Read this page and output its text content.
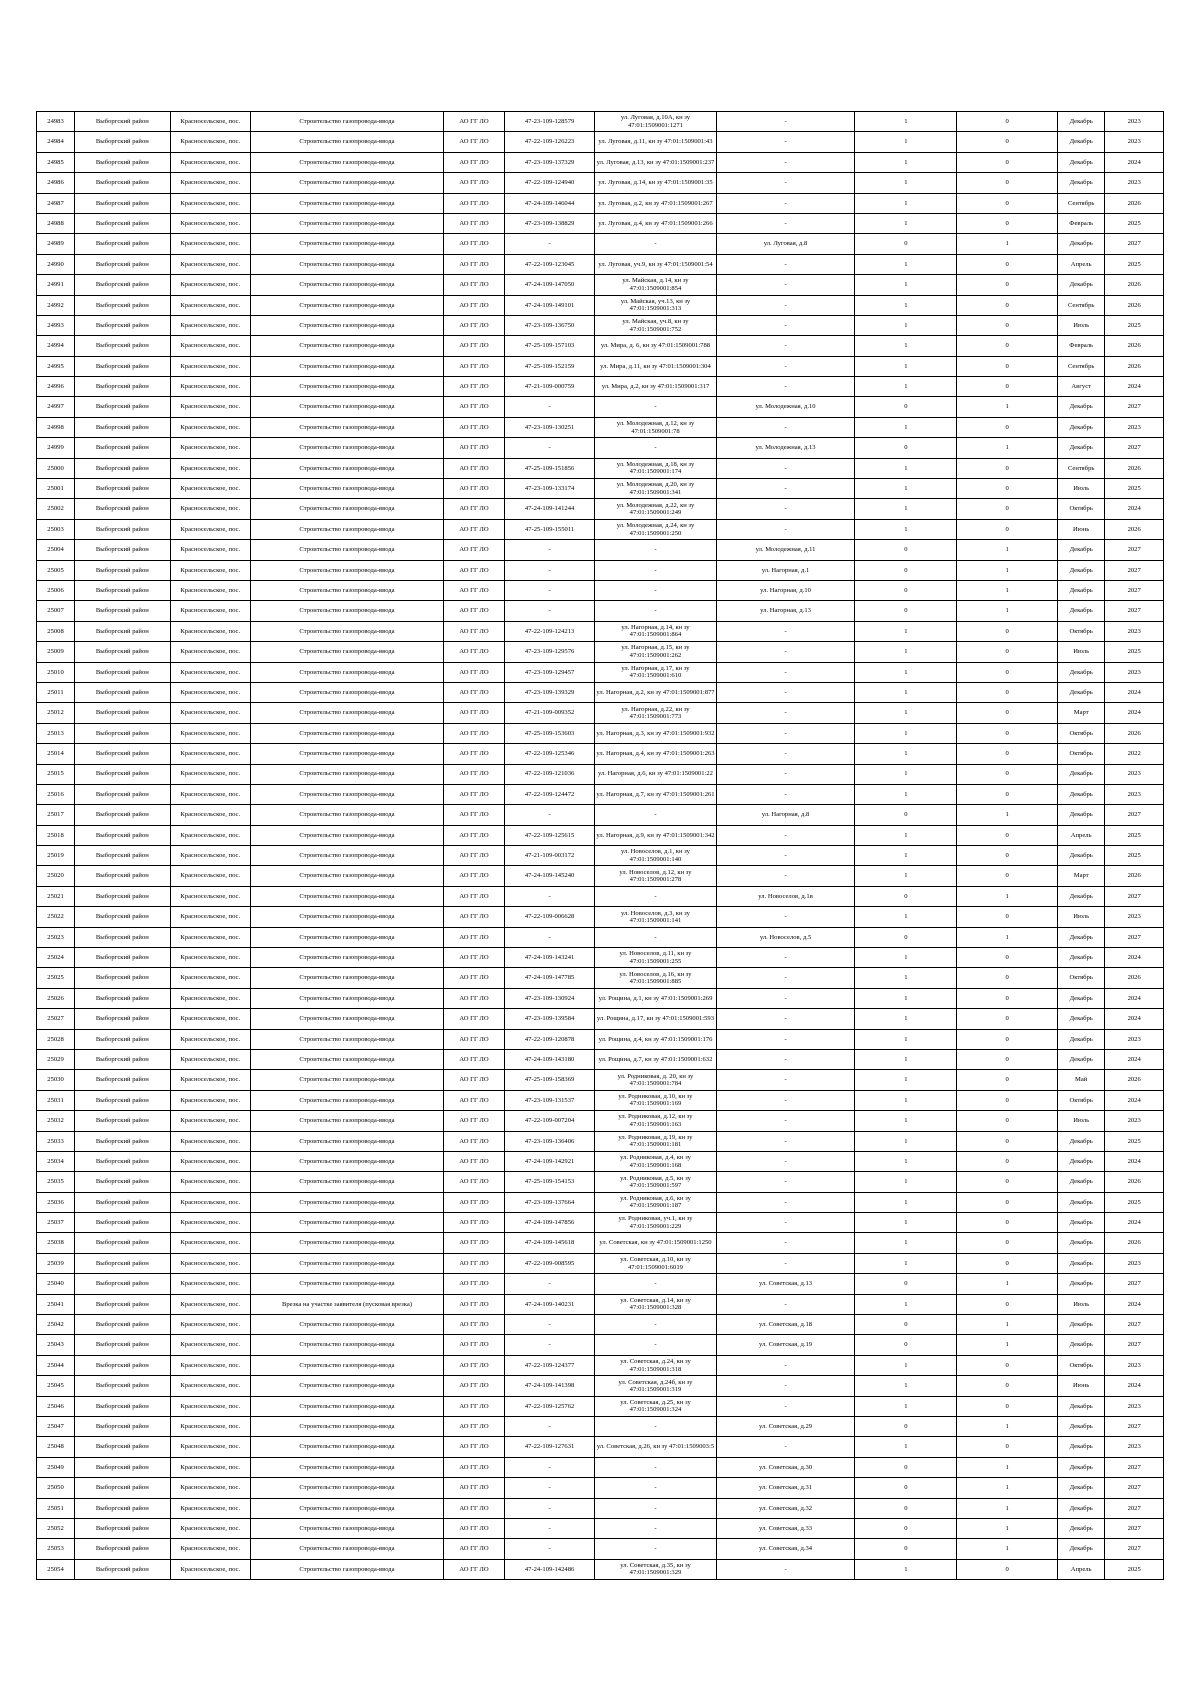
24983	Выборгский район	Красносельское, пос.	Строительство газопровода-ввода	АО ГГ ЛО	47-23-109-128579	ул. Луговая, д.10А, кн зу 47:01:1509001:1271	-	1	0	Декабрь	2023
24984	Выборгский район	Красносельское, пос.	Строительство газопровода-ввода	АО ГГ ЛО	47-22-109-126223	ул. Луговая, д.11, кн зу 47:01:1509001:43	-	1	0	Декабрь	2023
24985	Выборгский район	Красносельское, пос.	Строительство газопровода-ввода	АО ГГ ЛО	47-23-109-137329	ул. Луговая, д.13, кн зу 47:01:1509001:237	-	1	0	Декабрь	2024
24986	Выборгский район	Красносельское, пос.	Строительство газопровода-ввода	АО ГГ ЛО	47-22-109-124940	ул. Луговая, д.14, кн зу 47:01:1509001:35	-	1	0	Декабрь	2023
24987	Выборгский район	Красносельское, пос.	Строительство газопровода-ввода	АО ГГ ЛО	47-24-109-146044	ул. Луговая, д.2, кн зу 47:01:1509001:267	-	1	0	Сентябрь	2026
24988	Выборгский район	Красносельское, пос.	Строительство газопровода-ввода	АО ГГ ЛО	47-23-109-138829	ул. Луговая, д.4, кн зу 47:01:1509001:266	-	1	0	Февраль	2025
24989	Выборгский район	Красносельское, пос.	Строительство газопровода-ввода	АО ГГ ЛО	-	-	ул. Луговая, д.8	0	1	Декабрь	2027
24990	Выборгский район	Красносельское, пос.	Строительство газопровода-ввода	АО ГГ ЛО	47-22-109-123045	ул. Луговая, уч.9, кн зу 47:01:1509001:54	-	1	0	Апрель	2025
24991	Выборгский район	Красносельское, пос.	Строительство газопровода-ввода	АО ГГ ЛО	47-24-109-147050	ул. Майская, д.14, кн зу 47:01:1509001:854	-	1	0	Декабрь	2026
24992	Выборгский район	Красносельское, пос.	Строительство газопровода-ввода	АО ГГ ЛО	47-24-109-149101	ул. Майская, уч.13, кн зу 47:01:1509001:313	-	1	0	Сентябрь	2026
24993	Выборгский район	Красносельское, пос.	Строительство газопровода-ввода	АО ГГ ЛО	47-23-109-136750	ул. Майская, уч.8, кн зу 47:01:1509001:752	-	1	0	Июль	2025
24994	Выборгский район	Красносельское, пос.	Строительство газопровода-ввода	АО ГГ ЛО	47-25-109-157103	ул. Мира, д. 6, кн зу 47:01:1509001:788	-	1	0	Февраль	2026
24995	Выборгский район	Красносельское, пос.	Строительство газопровода-ввода	АО ГГ ЛО	47-25-109-152159	ул. Мира, д.11, кн зу 47:01:1509001:304	-	1	0	Сентябрь	2026
24996	Выборгский район	Красносельское, пос.	Строительство газопровода-ввода	АО ГГ ЛО	47-21-109-000759	ул. Мира, д.2, кн зу 47:01:1509001:317	-	1	0	Август	2024
24997	Выборгский район	Красносельское, пос.	Строительство газопровода-ввода	АО ГГ ЛО	-	-	ул. Молодежная, д.10	0	1	Декабрь	2027
24998	Выборгский район	Красносельское, пос.	Строительство газопровода-ввода	АО ГГ ЛО	47-23-109-130251	ул. Молодежная, д.12, кн зу 47:01:1509001:78	-	1	0	Декабрь	2023
24999	Выборгский район	Красносельское, пос.	Строительство газопровода-ввода	АО ГГ ЛО	-	-	ул. Молодежная, д.13	0	1	Декабрь	2027
25000	Выборгский район	Красносельское, пос.	Строительство газопровода-ввода	АО ГГ ЛО	47-25-109-151856	ул. Молодежная, д.18, кн зу 47:01:1509001:174	-	1	0	Сентябрь	2026
25001	Выборгский район	Красносельское, пос.	Строительство газопровода-ввода	АО ГГ ЛО	47-23-109-133174	ул. Молодежная, д.20, кн зу 47:01:1509001:341	-	1	0	Июль	2025
25002	Выборгский район	Красносельское, пос.	Строительство газопровода-ввода	АО ГГ ЛО	47-24-109-141244	ул. Молодежная, д.22, кн зу 47:01:1509001:249	-	1	0	Октябрь	2024
25003	Выборгский район	Красносельское, пос.	Строительство газопровода-ввода	АО ГГ ЛО	47-25-109-155011	ул. Молодежная, д.24, кн зу 47:01:1509001:250	-	1	0	Июнь	2026
25004	Выборгский район	Красносельское, пос.	Строительство газопровода-ввода	АО ГГ ЛО	-	-	ул. Молодежная, д.11	0	1	Декабрь	2027
25005	Выборгский район	Красносельское, пос.	Строительство газопровода-ввода	АО ГГ ЛО	-	-	ул. Нагорная, д.1	0	1	Декабрь	2027
25006	Выборгский район	Красносельское, пос.	Строительство газопровода-ввода	АО ГГ ЛО	-	-	ул. Нагорная, д.10	0	1	Декабрь	2027
25007	Выборгский район	Красносельское, пос.	Строительство газопровода-ввода	АО ГГ ЛО	-	-	ул. Нагорная, д.13	0	1	Декабрь	2027
25008	Выборгский район	Красносельское, пос.	Строительство газопровода-ввода	АО ГГ ЛО	47-22-109-124213	ул. Нагорная, д.14, кн зу 47:01:1509001:864	-	1	0	Октябрь	2023
25009	Выборгский район	Красносельское, пос.	Строительство газопровода-ввода	АО ГГ ЛО	47-23-109-129576	ул. Нагорная, д.15, кн зу 47:01:1509001:262	-	1	0	Июль	2025
25010	Выборгский район	Красносельское, пос.	Строительство газопровода-ввода	АО ГГ ЛО	47-23-109-129457	ул. Нагорная, д.17, кн зу 47:01:1509001:610	-	1	0	Декабрь	2023
25011	Выборгский район	Красносельское, пос.	Строительство газопровода-ввода	АО ГГ ЛО	47-23-109-139329	ул. Нагорная, д.2, кн зу 47:01:1509001:877	-	1	0	Декабрь	2024
25012	Выборгский район	Красносельское, пос.	Строительство газопровода-ввода	АО ГГ ЛО	47-21-109-009352	ул. Нагорная, д.22, кн зу 47:01:1509001:773	-	1	0	Март	2024
25013	Выборгский район	Красносельское, пос.	Строительство газопровода-ввода	АО ГГ ЛО	47-25-109-153603	ул. Нагорная, д.3, кн зу 47:01:1509001:932	-	1	0	Октябрь	2026
25014	Выборгский район	Красносельское, пос.	Строительство газопровода-ввода	АО ГГ ЛО	47-22-109-125346	ул. Нагорная, д.4, кн зу 47:01:1509001:263	-	1	0	Октябрь	2022
25015	Выборгский район	Красносельское, пос.	Строительство газопровода-ввода	АО ГГ ЛО	47-22-109-121036	ул. Нагорная, д.6, кн зу 47:01:1509001:22	-	1	0	Декабрь	2023
25016	Выборгский район	Красносельское, пос.	Строительство газопровода-ввода	АО ГГ ЛО	47-22-109-124472	ул. Нагорная, д.7, кн зу 47:01:1509001:261	-	1	0	Декабрь	2023
25017	Выборгский район	Красносельское, пос.	Строительство газопровода-ввода	АО ГГ ЛО	-	-	ул. Нагорная, д.8	0	1	Декабрь	2027
25018	Выборгский район	Красносельское, пос.	Строительство газопровода-ввода	АО ГГ ЛО	47-22-109-125615	ул. Нагорная, д.9, кн зу 47:01:1509001:342	-	1	0	Апрель	2025
25019	Выборгский район	Красносельское, пос.	Строительство газопровода-ввода	АО ГГ ЛО	47-21-109-003172	ул. Новоселов, д.1, кн зу 47:01:1509001:140	-	1	0	Декабрь	2025
25020	Выборгский район	Красносельское, пос.	Строительство газопровода-ввода	АО ГГ ЛО	47-24-109-145240	ул. Новоселов, д.12, кн зу 47:01:1509001:278	-	1	0	Март	2026
25021	Выборгский район	Красносельское, пос.	Строительство газопровода-ввода	АО ГГ ЛО	-	-	ул. Новоселов, д.1в	0	1	Декабрь	2027
25022	Выборгский район	Красносельское, пос.	Строительство газопровода-ввода	АО ГГ ЛО	47-22-109-006628	ул. Новоселов, д.3, кн зу 47:01:1509001:141	-	1	0	Июль	2023
25023	Выборгский район	Красносельское, пос.	Строительство газопровода-ввода	АО ГГ ЛО	-	-	ул. Новоселов, д.5	0	1	Декабрь	2027
25024	Выборгский район	Красносельское, пос.	Строительство газопровода-ввода	АО ГГ ЛО	47-24-109-143241	ул. Новоселов, д.11, кн зу 47:01:1509001:255	-	1	0	Декабрь	2024
25025	Выборгский район	Красносельское, пос.	Строительство газопровода-ввода	АО ГГ ЛО	47-24-109-147785	ул. Новоселов, д.16, кн зу 47:01:1509001:885	-	1	0	Октябрь	2026
25026	Выборгский район	Красносельское, пос.	Строительство газопровода-ввода	АО ГГ ЛО	47-23-109-130924	ул. Рощина, д.1, кн зу 47:01:1509001:269	-	1	0	Декабрь	2024
25027	Выборгский район	Красносельское, пос.	Строительство газопровода-ввода	АО ГГ ЛО	47-23-109-139584	ул. Рощина, д.17, кн зу 47:01:1509001:593	-	1	0	Декабрь	2024
25028	Выборгский район	Красносельское, пос.	Строительство газопровода-ввода	АО ГГ ЛО	47-22-109-120878	ул. Рощина, д.4, кн зу 47:01:1509001:176	-	1	0	Декабрь	2023
25029	Выборгский район	Красносельское, пос.	Строительство газопровода-ввода	АО ГГ ЛО	47-24-109-143180	ул. Рощина, д.7, кн зу 47:01:1509001:632	-	1	0	Декабрь	2024
25030	Выборгский район	Красносельское, пос.	Строительство газопровода-ввода	АО ГГ ЛО	47-25-109-158369	ул. Родниковая, д. 20, кн зу 47:01:1509001:784	-	1	0	Май	2026
25031	Выборгский район	Красносельское, пос.	Строительство газопровода-ввода	АО ГГ ЛО	47-23-109-131537	ул. Родниковая, д.10, кн зу 47:01:1509001:169	-	1	0	Октябрь	2024
25032	Выборгский район	Красносельское, пос.	Строительство газопровода-ввода	АО ГГ ЛО	47-22-109-007204	ул. Родниковая, д.12, кн зу 47:01:1509001:163	-	1	0	Июль	2023
25033	Выборгский район	Красносельское, пос.	Строительство газопровода-ввода	АО ГГ ЛО	47-23-109-136406	ул. Родниковая, д.19, кн зу 47:01:1509001:181	-	1	0	Декабрь	2025
25034	Выборгский район	Красносельское, пос.	Строительство газопровода-ввода	АО ГГ ЛО	47-24-109-142921	ул. Родниковая, д.4, кн зу 47:01:1509001:168	-	1	0	Декабрь	2024
25035	Выборгский район	Красносельское, пос.	Строительство газопровода-ввода	АО ГГ ЛО	47-25-109-154153	ул. Родниковая, д.5, кн зу 47:01:1509001:597	-	1	0	Декабрь	2026
25036	Выборгский район	Красносельское, пос.	Строительство газопровода-ввода	АО ГГ ЛО	47-23-109-137664	ул. Родниковая, д.6, кн зу 47:01:1509001:187	-	1	0	Декабрь	2025
25037	Выборгский район	Красносельское, пос.	Строительство газопровода-ввода	АО ГГ ЛО	47-24-109-147856	ул. Родниковая, уч.1, кн зу 47:01:1509001:229	-	1	0	Декабрь	2024
25038	Выборгский район	Красносельское, пос.	Строительство газопровода-ввода	АО ГГ ЛО	47-24-109-145618	ул. Советская, кн зу 47:01:1509001:1250	-	1	0	Декабрь	2026
25039	Выборгский район	Красносельское, пос.	Строительство газопровода-ввода	АО ГГ ЛО	47-22-109-008595	ул. Советская, д.10, кн зу 47:01:1509001:6019	-	1	0	Декабрь	2023
25040	Выборгский район	Красносельское, пос.	Строительство газопровода-ввода	АО ГГ ЛО	-	-	ул. Советская, д.13	0	1	Декабрь	2027
25041	Выборгский район	Красносельское, пос.	Врезка на участке заявителя (пусковая врезка)	АО ГГ ЛО	47-24-109-140231	ул. Советская, д.14, кн зу 47:01:1509001:328	-	1	0	Июль	2024
25042	Выборгский район	Красносельское, пос.	Строительство газопровода-ввода	АО ГГ ЛО	-	-	ул. Советская, д.18	0	1	Декабрь	2027
25043	Выборгский район	Красносельское, пос.	Строительство газопровода-ввода	АО ГГ ЛО	-	-	ул. Советская, д.19	0	1	Декабрь	2027
25044	Выборгский район	Красносельское, пос.	Строительство газопровода-ввода	АО ГГ ЛО	47-22-109-124377	ул. Советская, д.24, кн зу 47:01:1509001:318	-	1	0	Октябрь	2023
25045	Выборгский район	Красносельское, пос.	Строительство газопровода-ввода	АО ГГ ЛО	47-24-109-141398	ул. Советская, д.24б, кн зу 47:01:1509001:319	-	1	0	Июнь	2024
25046	Выборгский район	Красносельское, пос.	Строительство газопровода-ввода	АО ГГ ЛО	47-22-109-125762	ул. Советская, д.25, кн зу 47:01:1509001:324	-	1	0	Декабрь	2023
25047	Выборгский район	Красносельское, пос.	Строительство газопровода-ввода	АО ГГ ЛО	-	-	ул. Советская, д.29	0	1	Декабрь	2027
25048	Выборгский район	Красносельское, пос.	Строительство газопровода-ввода	АО ГГ ЛО	47-22-109-127631	ул. Советская, д.26, кн зу 47:01:1509003:5	-	1	0	Декабрь	2023
25049	Выборгский район	Красносельское, пос.	Строительство газопровода-ввода	АО ГГ ЛО	-	-	ул. Советская, д.30	0	1	Декабрь	2027
25050	Выборгский район	Красносельское, пос.	Строительство газопровода-ввода	АО ГГ ЛО	-	-	ул. Советская, д.31	0	1	Декабрь	2027
25051	Выборгский район	Красносельское, пос.	Строительство газопровода-ввода	АО ГГ ЛО	-	-	ул. Советская, д.32	0	1	Декабрь	2027
25052	Выборгский район	Красносельское, пос.	Строительство газопровода-ввода	АО ГГ ЛО	-	-	ул. Советская, д.33	0	1	Декабрь	2027
25053	Выборгский район	Красносельское, пос.	Строительство газопровода-ввода	АО ГГ ЛО	-	-	ул. Советская, д.34	0	1	Декабрь	2027
25054	Выборгский район	Красносельское, пос.	Строительство газопровода-ввода	АО ГГ ЛО	47-24-109-142486	ул. Советская, д.35, кн зу 47:01:1509001:329	-	1	0	Апрель	2025
